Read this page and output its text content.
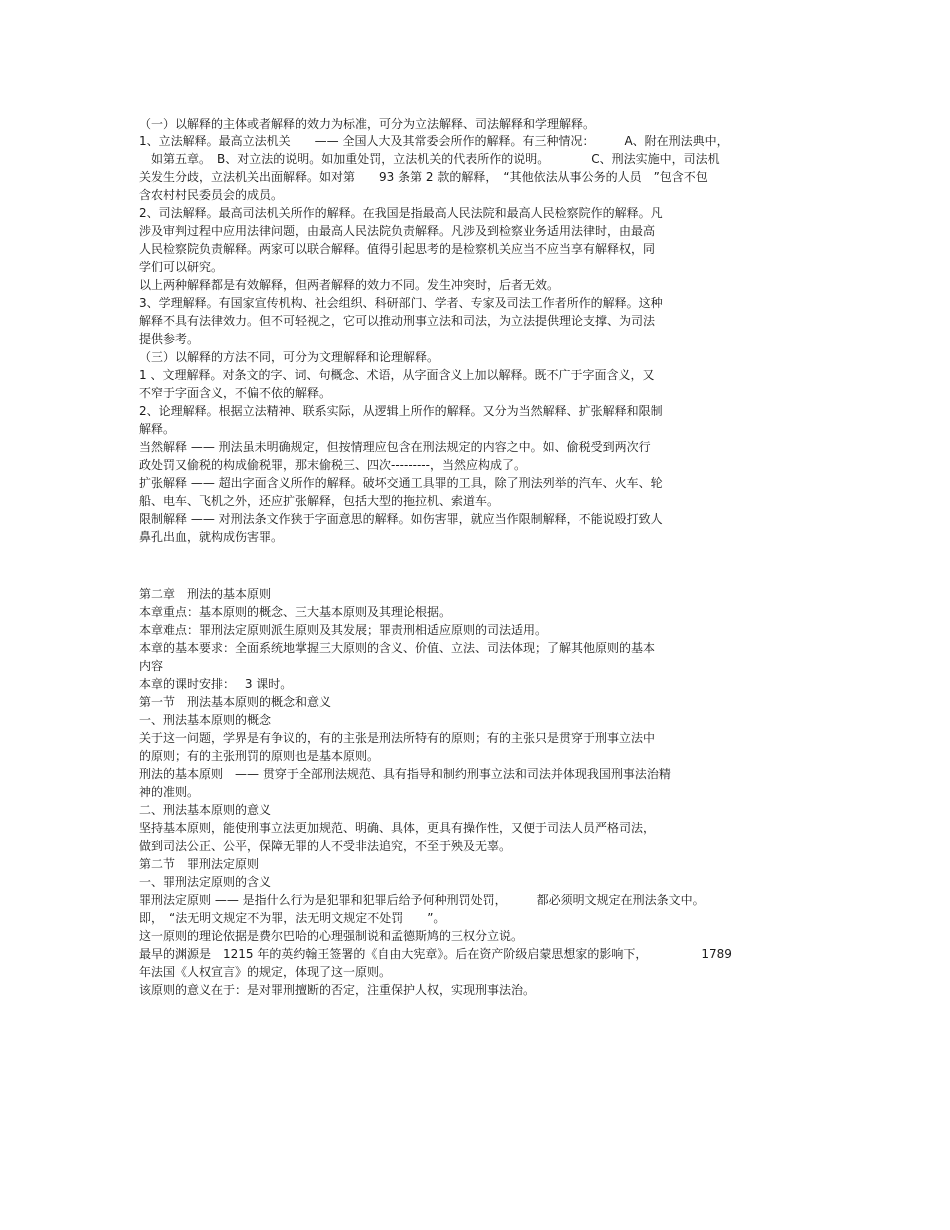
（一）以解释的主体或者解释的效力为标准，可分为立法解释、司法解释和学理解释。
1、立法解释。最高立法机关　　—— 全国人大及其常委会所作的解释。有三种情况：　　　A、附在刑法典中，
　如第五章。　B、对立法的说明。如加重处罚，立法机关的代表所作的说明。　　　　C、刑法实施中，司法机
关发生分歧，立法机关出面解释。如对第　　93 条第 2 款的解释，　“其他依法从事公务的人员　”包含不包
含农村村民委员会的成员。
2、司法解释。最高司法机关所作的解释。在我国是指最高人民法院和最高人民检察院作的解释。凡
涉及审判过程中应用法律问题，由最高人民法院负责解释。凡涉及到检察业务适用法律时，由最高
人民检察院负责解释。两家可以联合解释。值得引起思考的是检察机关应当不应当享有解释权，同
学们可以研究。
以上两种解释都是有效解释，但两者解释的效力不同。发生冲突时，后者无效。
3、学理解释。有国家宣传机构、社会组织、科研部门、学者、专家及司法工作者所作的解释。这种
解释不具有法律效力。但不可轻视之，它可以推动刑事立法和司法，为立法提供理论支撑、为司法
提供参考。
（三）以解释的方法不同，可分为文理解释和论理解释。
1 、文理解释。对条文的字、词、句概念、术语，从字面含义上加以解释。既不广于字面含义，又
不窄于字面含义，不偏不依的解释。
2、论理解释。根据立法精神、联系实际，从逻辑上所作的解释。又分为当然解释、扩张解释和限制
解释。
当然解释 —— 刑法虽未明确规定，但按情理应包含在刑法规定的内容之中。如、偷税受到两次行
政处罚又偷税的构成偷税罪，那末偷税三、四次---------，当然应构成了。
扩张解释 —— 超出字面含义所作的解释。破坏交通工具罪的工具，除了刑法列举的汽车、火车、轮
船、电车、飞机之外，还应扩张解释，包括大型的拖拉机、索道车。
限制解释 —— 对刑法条文作狭于字面意思的解释。如伤害罪，就应当作限制解释，不能说殴打致人
鼻孔出血，就构成伤害罪。
第二章　刑法的基本原则
本章重点：基本原则的概念、三大基本原则及其理论根据。
本章难点：罪刑法定原则派生原则及其发展；罪责刑相适应原则的司法适用。
本章的基本要求：全面系统地掌握三大原则的含义、价值、立法、司法体现；了解其他原则的基本
内容
本章的课时安排：　 3 课时。
第一节　刑法基本原则的概念和意义
一、刑法基本原则的概念
关于这一问题，学界是有争议的，有的主张是刑法所特有的原则；有的主张只是贯穿于刑事立法中
的原则；有的主张刑罚的原则也是基本原则。
刑法的基本原则　—— 贯穿于全部刑法规范、具有指导和制约刑事立法和司法并体现我国刑事法治精
神的准则。
二、刑法基本原则的意义
坚持基本原则，能使刑事立法更加规范、明确、具体，更具有操作性，又便于司法人员严格司法，
做到司法公正、公平，保障无罪的人不受非法追究，不至于殃及无辜。
第二节　罪刑法定原则
一、罪刑法定原则的含义
罪刑法定原则 —— 是指什么行为是犯罪和犯罪后给予何种刑罚处罚，　　　都必须明文规定在刑法条文中。
即，　“法无明文规定不为罪，法无明文规定不处罚　　”。
这一原则的理论依据是费尔巴哈的心理强制说和孟德斯鸠的三权分立说。
最早的渊源是　1215 年的英约翰王签署的《自由大宪章》。后在资产阶级启蒙思想家的影响下，　　　　　1789
年法国《人权宣言》的规定，体现了这一原则。
该原则的意义在于：是对罪刑擅断的否定，注重保护人权，实现刑事法治。
